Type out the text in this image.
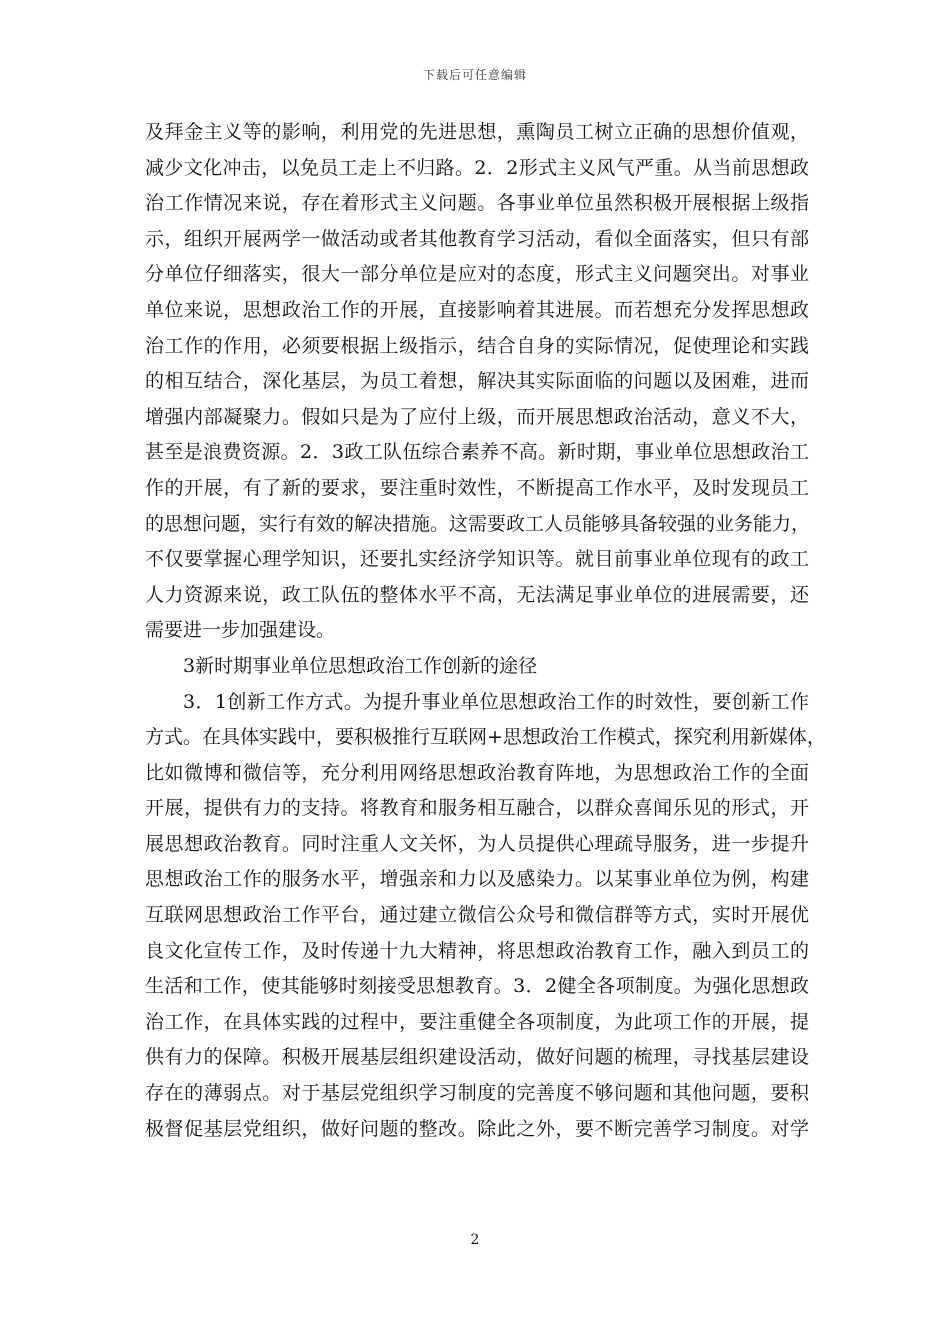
下载后可任意编辑
及拜金主义等的影响，利用党的先进思想，熏陶员工树立正确的思想价值观，
减少文化冲击，以免员工走上不归路。2．2形式主义风气严重。从当前思想政
治工作情况来说，存在着形式主义问题。各事业单位虽然积极开展根据上级指
示，组织开展两学一做活动或者其他教育学习活动，看似全面落实，但只有部
分单位仔细落实，很大一部分单位是应对的态度，形式主义问题突出。对事业
单位来说，思想政治工作的开展，直接影响着其进展。而若想充分发挥思想政
治工作的作用，必须要根据上级指示，结合自身的实际情况，促使理论和实践
的相互结合，深化基层，为员工着想，解决其实际面临的问题以及困难，进而
增强内部凝聚力。假如只是为了应付上级，而开展思想政治活动，意义不大，
甚至是浪费资源。2．3政工队伍综合素养不高。新时期，事业单位思想政治工
作的开展，有了新的要求，要注重时效性，不断提高工作水平，及时发现员工
的思想问题，实行有效的解决措施。这需要政工人员能够具备较强的业务能力，
不仅要掌握心理学知识，还要扎实经济学知识等。就目前事业单位现有的政工
人力资源来说，政工队伍的整体水平不高，无法满足事业单位的进展需要，还
需要进一步加强建设。
3新时期事业单位思想政治工作创新的途径
3．1创新工作方式。为提升事业单位思想政治工作的时效性，要创新工作
方式。在具体实践中，要积极推行互联网+思想政治工作模式，探究利用新媒体，
比如微博和微信等，充分利用网络思想政治教育阵地，为思想政治工作的全面
开展，提供有力的支持。将教育和服务相互融合，以群众喜闻乐见的形式，开
展思想政治教育。同时注重人文关怀，为人员提供心理疏导服务，进一步提升
思想政治工作的服务水平，增强亲和力以及感染力。以某事业单位为例，构建
互联网思想政治工作平台，通过建立微信公众号和微信群等方式，实时开展优
良文化宣传工作，及时传递十九大精神，将思想政治教育工作，融入到员工的
生活和工作，使其能够时刻接受思想教育。3．2健全各项制度。为强化思想政
治工作，在具体实践的过程中，要注重健全各项制度，为此项工作的开展，提
供有力的保障。积极开展基层组织建设活动，做好问题的梳理，寻找基层建设
存在的薄弱点。对于基层党组织学习制度的完善度不够问题和其他问题，要积
极督促基层党组织，做好问题的整改。除此之外，要不断完善学习制度。对学
2
